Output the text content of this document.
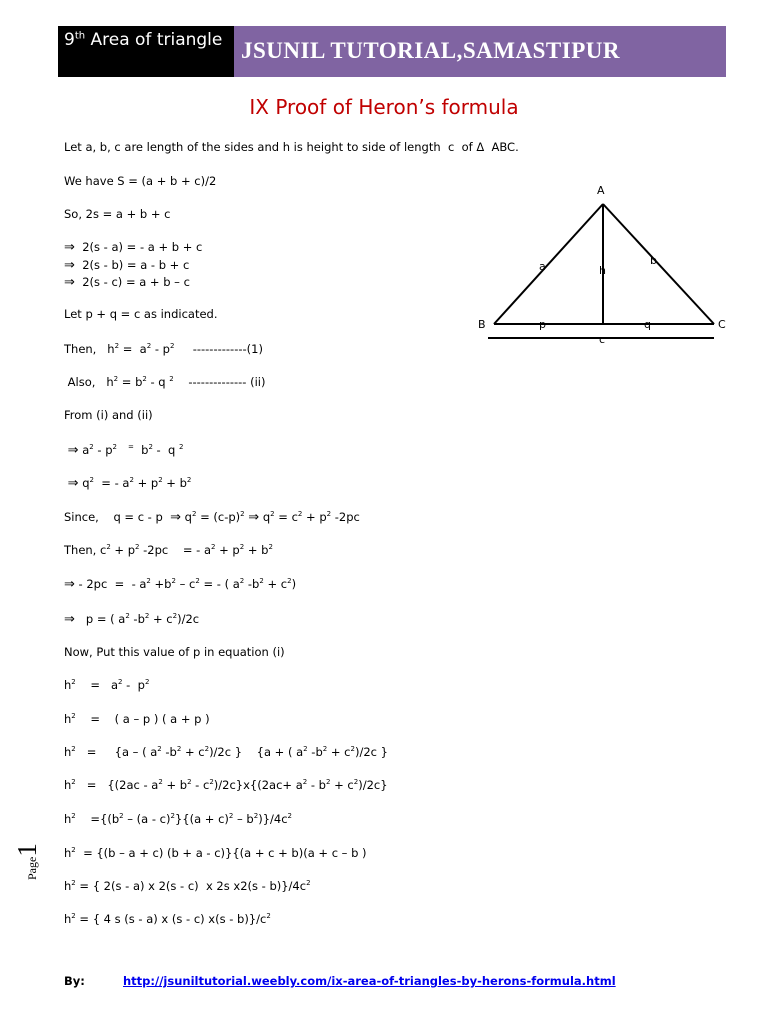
9th Area of triangle JSUNIL TUTORIAL,SAMASTIPUR
IX Proof of Heron’s formula
Let a, b, c are length of the sides and h is height to side of length  c  of Δ  ABC.
We have S = (a + b + c)/2
So, 2s = a + b + c
⇒  2(s - a) = - a + b + c
⇒  2(s - b) = a - b + c
⇒  2(s - c) = a + b – c
Let p + q = c as indicated.
Then,   $h^2 = a^2 - p^2$     -------------(1)
Also,   $h^2 = b^2 - q$ $^2$    -------------- (ii)
From (i) and (ii)
⇒ $a^2 - p^2$ =  $b^2$ -  q $^2$
⇒ $q^2$  = - $a^2 + p^2 + b^2$
Since,    q = c - p  ⇒ $q^2 = (c-p)^2$ ⇒ $q^2 = c^2 + p^2$ -2pc
Then, $c^2 + p^2$ -2pc    = - $a^2 + p^2 + b^2$
⇒ - 2pc  =  - $a^2 +b^2 - c^2$ = - ( $a^2$ $-b^2 + c^2$)
⇒   p = ( $a^2$ $-b^2 + c^2)/2c$
Now, Put this value of p in equation (i)
$h^2$    =   $a^2 - p^2$
$h^2$    =    ( a – p ) ( a + p )
$h^2$   =     {a – ( $a^2$ $-b^2 + c^2)/2c$ }    {a + ( $a^2$ $-b^2 + c^2)/2c$ }
$h^2 = \{(2ac - a^2 + b^2 - c^2)/2c\}x\{(2ac+ a^2 - b^2 + c^2)/2c\}$
$h^2$    $=\{(b^2 - (a - c)^2\}\{(a + c)^2 - b^2)\}/4c^2$
$h^2 = \{(b - a + c) (b + a - c)\}\{(a + c + b)(a + c - b$ )
$h^2$ = { 2(s - a) x 2(s - c)  x 2s $x2(s - b)\}/4c^2$
$h^2$ = { 4 s (s - a) x (s - c) $x(s - b)\}/c^2$
A
B	C
a	b
c
h
p	q
Page1
By:	http://jsuniltutorial.weebly.com/ix-area-of-triangles-by-herons-formula.html
